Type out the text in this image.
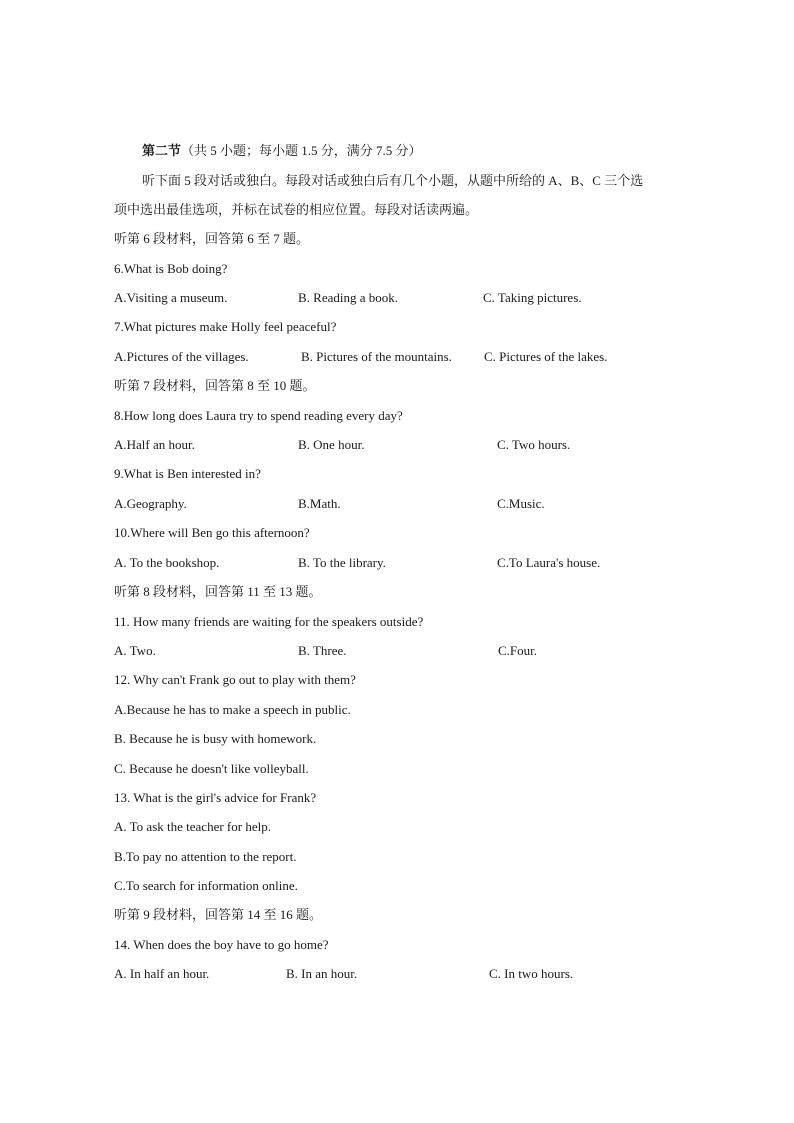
第二节（共 5 小题；每小题 1.5 分，满分 7.5 分）
听下面 5 段对话或独白。每段对话或独白后有几个小题，从题中所给的 A、B、C 三个选
项中选出最佳选项，并标在试卷的相应位置。每段对话读两遍。
听第 6 段材料，回答第 6 至 7 题。
6.What is Bob doing?
A.Visiting a museum.	B. Reading a book.	C. Taking pictures.
7.What pictures make Holly feel peaceful?
A.Pictures of the villages.	B. Pictures of the mountains. C. Pictures of the lakes.
听第 7 段材料，回答第 8 至 10 题。
8.How long does Laura try to spend reading every day?
A.Half an hour.	B. One hour.	C. Two hours.
9.What is Ben interested in?
A.Geography.	B.Math.	C.Music.
10.Where will Ben go this afternoon?
A. To the bookshop.	B. To the library.	C.To Laura's house.
听第 8 段材料，回答第 11 至 13 题。
11. How many friends are waiting for the speakers outside?
A. Two.	B. Three.	C.Four.
12. Why can't Frank go out to play with them?
A.Because he has to make a speech in public.
B. Because he is busy with homework.
C. Because he doesn't like volleyball.
13. What is the girl's advice for Frank?
A. To ask the teacher for help.
B.To pay no attention to the report.
C.To search for information online.
听第 9 段材料，回答第 14 至 16 题。
14. When does the boy have to go home?
A. In half an hour.	B. In an hour.	C. In two hours.
